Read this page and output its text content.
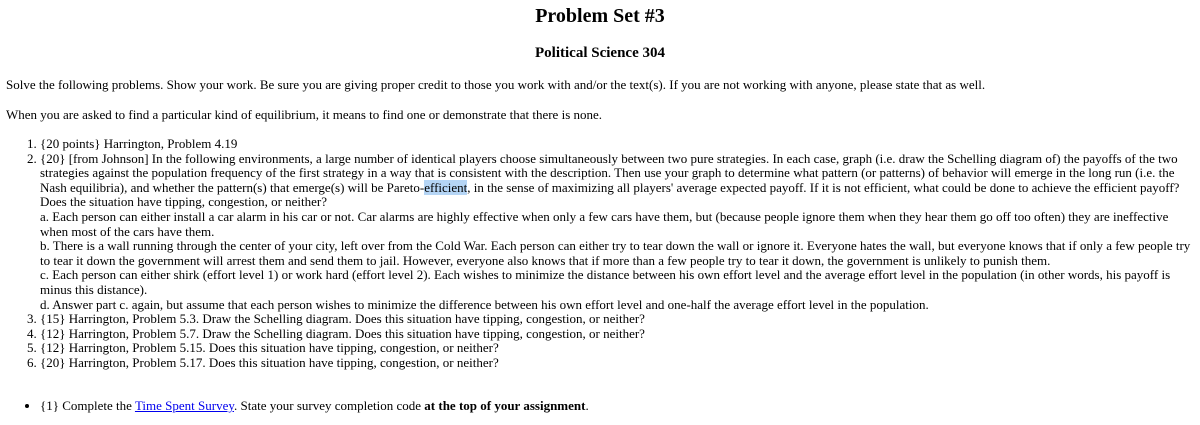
Problem Set #3
Political Science 304

Solve the following problems. Show your work. Be sure you are giving proper credit to those you work with and/or the text(s). If you are not working with anyone, please state that as well.

When you are asked to find a particular kind of equilibrium, it means to find one or demonstrate that there is none.

1. {20 points} Harrington, Problem 4.19
2. {20} [from Johnson] In the following environments, a large number of identical players choose simultaneously between two pure strategies. In each case, graph (i.e. draw the Schelling diagram of) the payoffs of the two strategies against the population frequency of the first strategy in a way that is consistent with the description. Then use your graph to determine what pattern (or patterns) of behavior will emerge in the long run (i.e. the Nash equilibria), and whether the pattern(s) that emerge(s) will be Pareto-efficient, in the sense of maximizing all players' average expected payoff. If it is not efficient, what could be done to achieve the efficient payoff? Does the situation have tipping, congestion, or neither?
a. Each person can either install a car alarm in his car or not. Car alarms are highly effective when only a few cars have them, but (because people ignore them when they hear them go off too often) they are ineffective when most of the cars have them.
b. There is a wall running through the center of your city, left over from the Cold War. Each person can either try to tear down the wall or ignore it. Everyone hates the wall, but everyone knows that if only a few people try to tear it down the government will arrest them and send them to jail. However, everyone also knows that if more than a few people try to tear it down, the government is unlikely to punish them.
c. Each person can either shirk (effort level 1) or work hard (effort level 2). Each wishes to minimize the distance between his own effort level and the average effort level in the population (in other words, his payoff is minus this distance).
d. Answer part c. again, but assume that each person wishes to minimize the difference between his own effort level and one-half the average effort level in the population.
3. {15} Harrington, Problem 5.3. Draw the Schelling diagram. Does this situation have tipping, congestion, or neither?
4. {12} Harrington, Problem 5.7. Draw the Schelling diagram. Does this situation have tipping, congestion, or neither?
5. {12} Harrington, Problem 5.15. Does this situation have tipping, congestion, or neither?
6. {20} Harrington, Problem 5.17. Does this situation have tipping, congestion, or neither?
• {1} Complete the Time Spent Survey. State your survey completion code at the top of your assignment.
